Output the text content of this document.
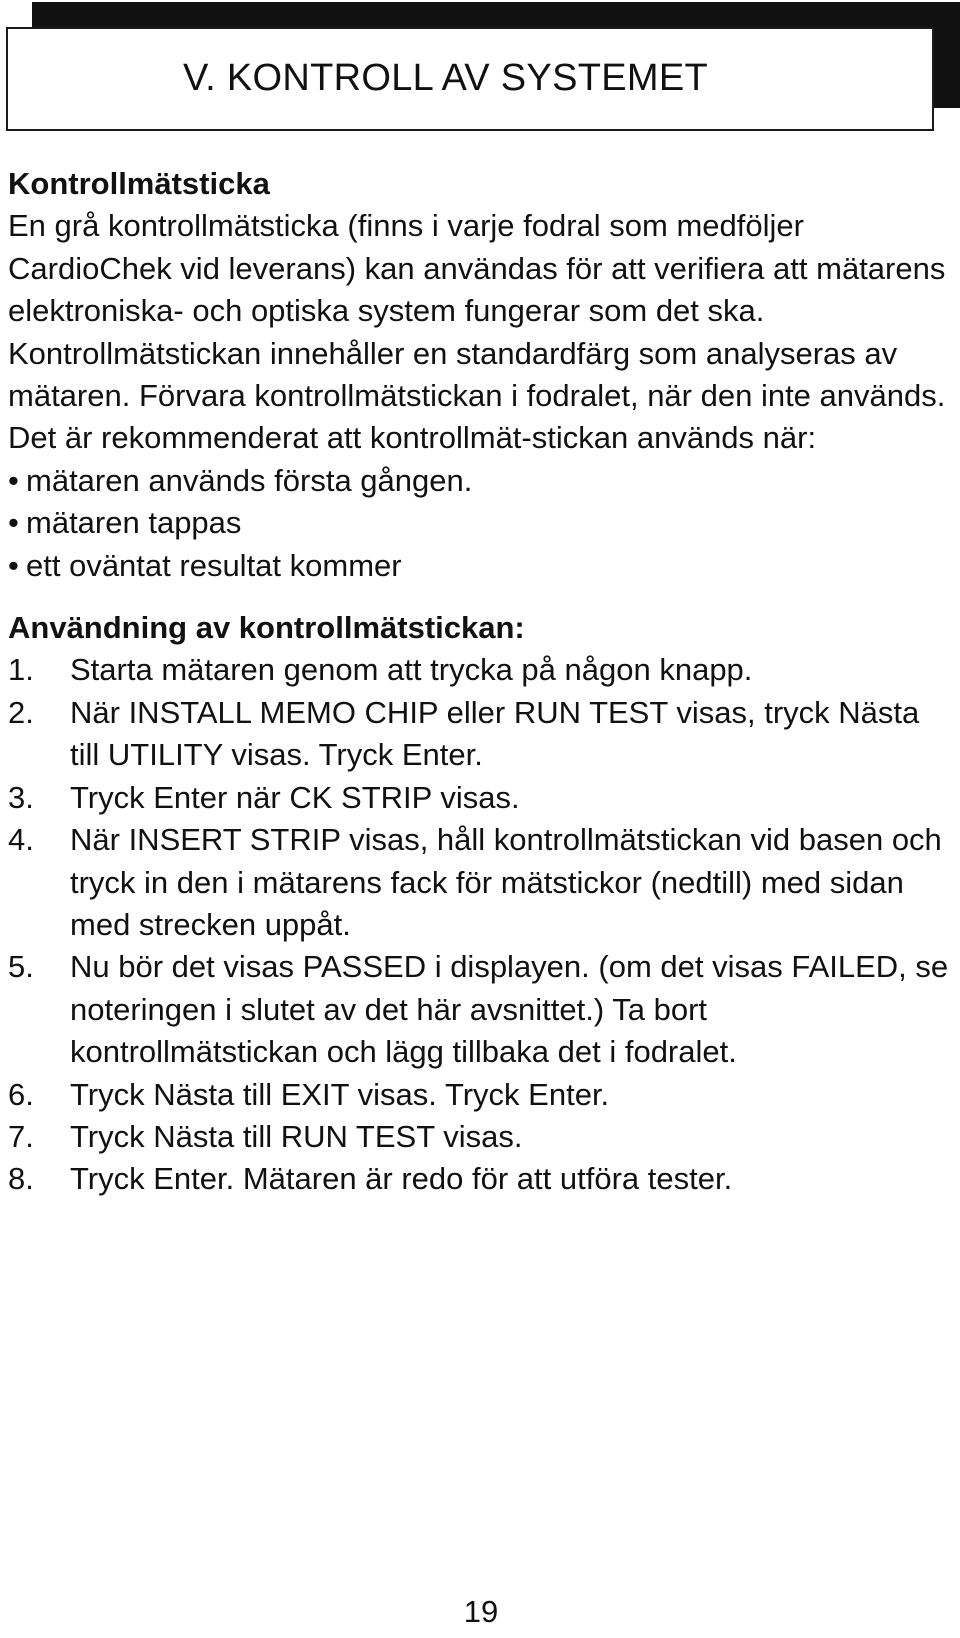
V. KONTROLL AV SYSTEMET
Kontrollmätsticka

En grå kontrollmätsticka (finns i varje fodral som medföljer CardioChek vid leverans) kan användas för att verifiera att mätarens elektroniska- och optiska system fungerar som det ska. Kontrollmätstickan innehåller en standardfärg som analyseras av mätaren. Förvara kontrollmätstickan i fodralet, när den inte används. Det är rekommenderat att kontrollmät-stickan används när:

• mätaren används första gången.
• mätaren tappas
• ett oväntat resultat kommer
Användning av kontrollmätstickan:
1.	Starta mätaren genom att trycka på någon knapp.
2.	När INSTALL MEMO CHIP eller RUN TEST visas, tryck Nästa till UTILITY visas. Tryck Enter.
3.	Tryck Enter när CK STRIP visas.
4.	När INSERT STRIP visas, håll kontrollmätstickan vid basen och tryck in den i mätarens fack för mätstickor (nedtill) med sidan med strecken uppåt.
5.	Nu bör det visas PASSED i displayen. (om det visas FAILED, se noteringen i slutet av det här avsnittet.) Ta bort kontrollmätstickan och lägg tillbaka det i fodralet.
6.	Tryck Nästa till EXIT visas. Tryck Enter.
7.	Tryck Nästa till RUN TEST visas.
8.	Tryck Enter. Mätaren är redo för att utföra tester.
19
